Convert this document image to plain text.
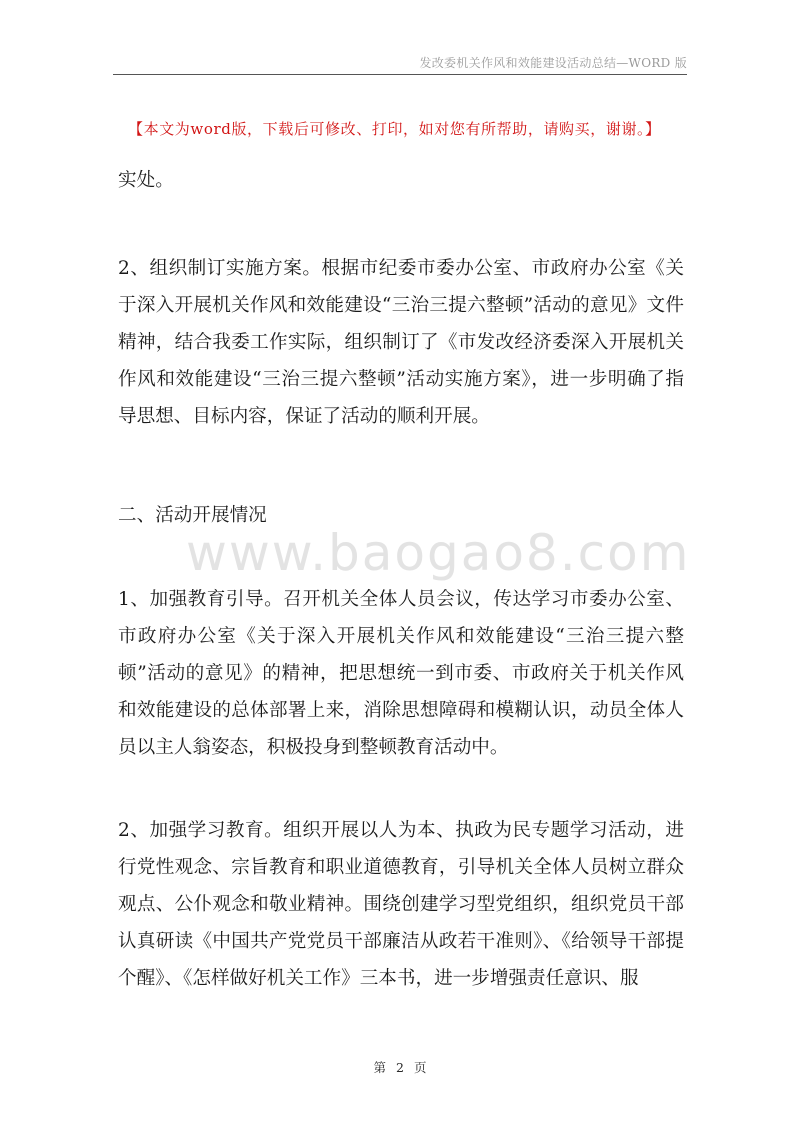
发改委机关作风和效能建设活动总结—WORD 版
【本文为word版，下载后可修改、打印，如对您有所帮助，请购买，谢谢。】
实处。
2、组织制订实施方案。根据市纪委市委办公室、市政府办公室《关于深入开展机关作风和效能建设“三治三提六整顿”活动的意见》文件精神，结合我委工作实际，组织制订了《市发改经济委深入开展机关作风和效能建设“三治三提六整顿”活动实施方案》，进一步明确了指导思想、目标内容，保证了活动的顺利开展。
二、活动开展情况
www.baogao8.com
1、加强教育引导。召开机关全体人员会议，传达学习市委办公室、市政府办公室《关于深入开展机关作风和效能建设“三治三提六整顿”活动的意见》的精神，把思想统一到市委、市政府关于机关作风和效能建设的总体部署上来，消除思想障碍和模糊认识，动员全体人员以主人翁姿态，积极投身到整顿教育活动中。
2、加强学习教育。组织开展以人为本、执政为民专题学习活动，进行党性观念、宗旨教育和职业道德教育，引导机关全体人员树立群众观点、公仆观念和敬业精神。围绕创建学习型党组织，组织党员干部认真研读《中国共产党党员干部廉洁从政若干准则》、《给领导干部提个醒》、《怎样做好机关工作》三本书，进一步增强责任意识、服
第 2 页
